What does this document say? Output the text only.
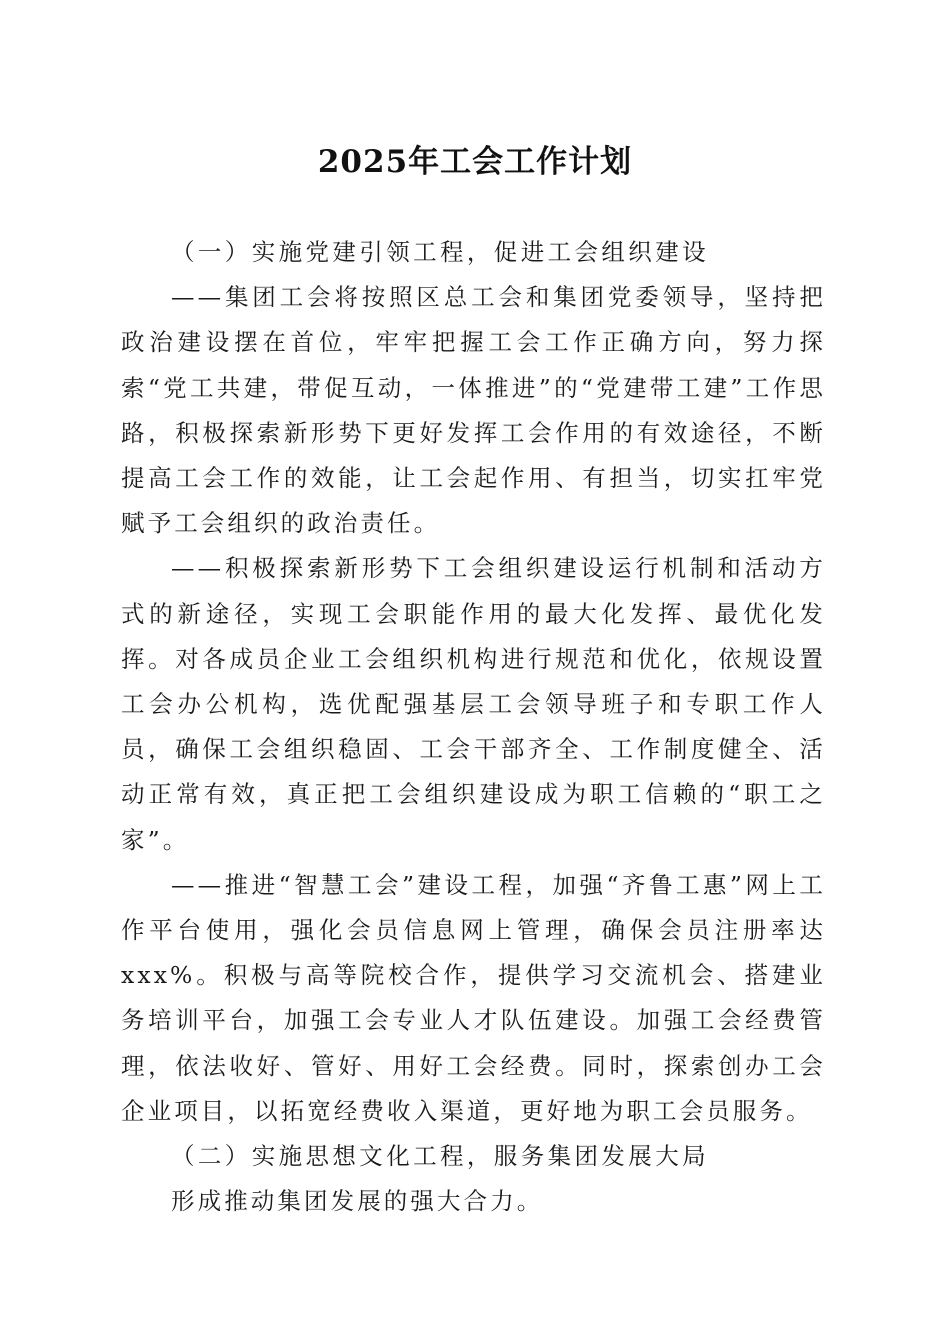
2025年工会工作计划

（一）实施党建引领工程，促进工会组织建设

——集团工会将按照区总工会和集团党委领导，坚持把政治建设摆在首位，牢牢把握工会工作正确方向，努力探索“党工共建，带促互动，一体推进”的“党建带工建”工作思路，积极探索新形势下更好发挥工会作用的有效途径，不断提高工会工作的效能，让工会起作用、有担当，切实扛牢党赋予工会组织的政治责任。

——积极探索新形势下工会组织建设运行机制和活动方式的新途径，实现工会职能作用的最大化发挥、最优化发挥。对各成员企业工会组织机构进行规范和优化，依规设置工会办公机构，选优配强基层工会领导班子和专职工作人员，确保工会组织稳固、工会干部齐全、工作制度健全、活动正常有效，真正把工会组织建设成为职工信赖的“职工之家”。

——推进“智慧工会”建设工程，加强“齐鲁工惠”网上工作平台使用，强化会员信息网上管理，确保会员注册率达xxx%。积极与高等院校合作，提供学习交流机会、搭建业务培训平台，加强工会专业人才队伍建设。加强工会经费管理，依法收好、管好、用好工会经费。同时，探索创办工会企业项目，以拓宽经费收入渠道，更好地为职工会员服务。

（二）实施思想文化工程，服务集团发展大局

形成推动集团发展的强大合力。
